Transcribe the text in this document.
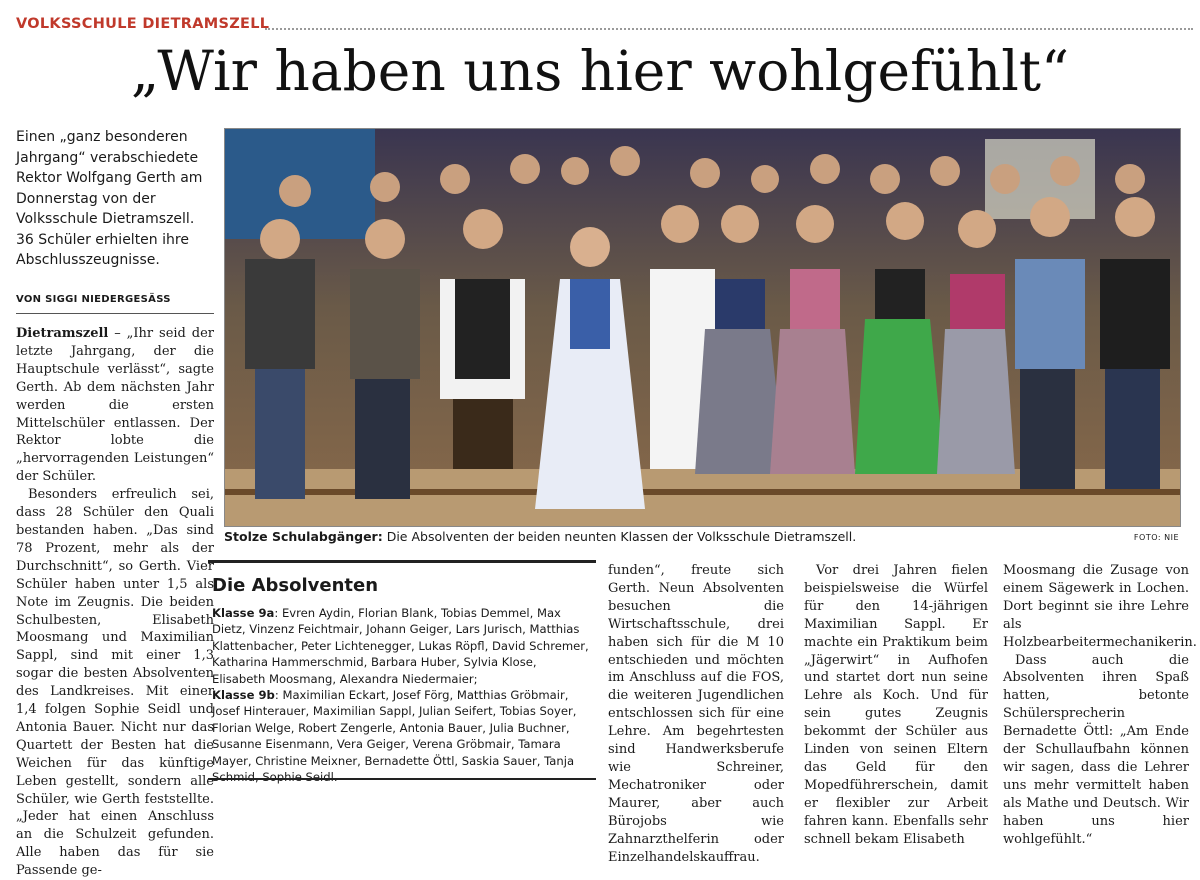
VOLKSSCHULE DIETRAMSZELL
„Wir haben uns hier wohlgefühlt“
Einen „ganz besonderen Jahrgang“ verabschiedete Rektor Wolfgang Gerth am Donnerstag von der Volksschule Dietramszell. 36 Schüler erhielten ihre Abschlusszeugnisse.
VON SIGGI NIEDERGESÄSS

Dietramszell – „Ihr seid der letzte Jahrgang, der die Hauptschule verlässt“, sagte Gerth. Ab dem nächsten Jahr werden die ersten Mittelschüler entlassen. Der Rektor lobte die „hervorragenden Leistungen“ der Schüler.

Besonders erfreulich sei, dass 28 Schüler den Quali bestanden haben. „Das sind 78 Prozent, mehr als der Durchschnitt“, so Gerth. Vier Schüler haben unter 1,5 als Note im Zeugnis. Die beiden Schulbesten, Elisabeth Moosmang und Maximilian Sappl, sind mit einer 1,3 sogar die besten Absolventen des Landkreises. Mit einer 1,4 folgen Sophie Seidl und Antonia Bauer. Nicht nur das Quartett der Besten hat die Weichen für das künftige Leben gestellt, sondern alle Schüler, wie Gerth feststellte. „Jeder hat einen Anschluss an die Schulzeit gefunden. Alle haben das für sie Passende ge-

Stolze Schulabgänger: Die Absolventen der beiden neunten Klassen der Volksschule Dietramszell.	FOTO: NIE
Die Absolventen
Klasse 9a: Evren Aydin, Florian Blank, Tobias Demmel, Max Dietz, Vinzenz Feichtmair, Johann Geiger, Lars Jurisch, Matthias Klattenbacher, Peter Lichtenegger, Lukas Röpfl, David Schremer, Katharina Hammerschmid, Barbara Huber, Sylvia Klose, Elisabeth Moosmang, Alexandra Niedermaier;
Klasse 9b: Maximilian Eckart, Josef Förg, Matthias Gröbmair, Josef Hinterauer, Maximilian Sappl, Julian Seifert, Tobias Soyer, Florian Welge, Robert Zengerle, Antonia Bauer, Julia Buchner, Susanne Eisenmann, Vera Geiger, Verena Gröbmair, Tamara Mayer, Christine Meixner, Bernadette Öttl, Saskia Sauer, Tanja Schmid, Sophie Seidl.

funden“, freute sich Gerth. Neun Absolventen besuchen die Wirtschaftsschule, drei haben sich für die M 10 entschieden und möchten im Anschluss auf die FOS, die weiteren Jugendlichen entschlossen sich für eine Lehre. Am begehrtesten sind Handwerksberufe wie Schreiner, Mechatroniker oder Maurer, aber auch Bürojobs wie Zahnarzthelferin oder Einzelhandelskauffrau.

Vor drei Jahren fielen beispielsweise die Würfel für den 14-jährigen Maximilian Sappl. Er machte ein Praktikum beim „Jägerwirt“ in Aufhofen und startet dort nun seine Lehre als Koch. Und für sein gutes Zeugnis bekommt der Schüler aus Linden von seinen Eltern das Geld für den Mopedführerschein, damit er flexibler zur Arbeit fahren kann. Ebenfalls sehr schnell bekam Elisabeth

Moosmang die Zusage von einem Sägewerk in Lochen. Dort beginnt sie ihre Lehre als Holzbearbeitermechanikerin.

Dass auch die Absolventen ihren Spaß hatten, betonte Schülersprecherin Bernadette Öttl: „Am Ende der Schullaufbahn können wir sagen, dass die Lehrer uns mehr vermittelt haben als Mathe und Deutsch. Wir haben uns hier wohlgefühlt.“
